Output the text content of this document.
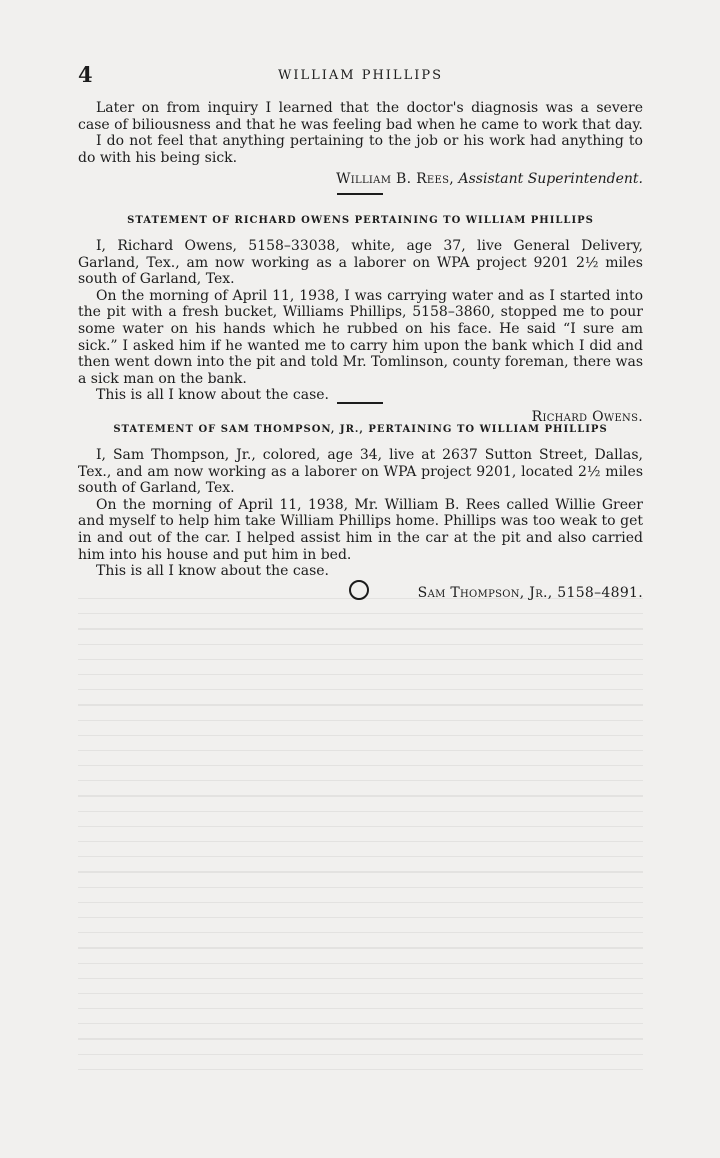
4	WILLIAM PHILLIPS

Later on from inquiry I learned that the doctor's diagnosis was a severe case of biliousness and that he was feeling bad when he came to work that day.

I do not feel that anything pertaining to the job or his work had anything to do with his being sick.

William B. Rees, Assistant Superintendent.
STATEMENT OF RICHARD OWENS PERTAINING TO WILLIAM PHILLIPS

I, Richard Owens, 5158–33038, white, age 37, live General Delivery, Garland, Tex., am now working as a laborer on WPA project 9201 2½ miles south of Garland, Tex.

On the morning of April 11, 1938, I was carrying water and as I started into the pit with a fresh bucket, Williams Phillips, 5158–3860, stopped me to pour some water on his hands which he rubbed on his face. He said “I sure am sick.” I asked him if he wanted me to carry him upon the bank which I did and then went down into the pit and told Mr. Tomlinson, county foreman, there was a sick man on the bank.

This is all I know about the case.

Richard Owens.
STATEMENT OF SAM THOMPSON, JR., PERTAINING TO WILLIAM PHILLIPS

I, Sam Thompson, Jr., colored, age 34, live at 2637 Sutton Street, Dallas, Tex., and am now working as a laborer on WPA project 9201, located 2½ miles south of Garland, Tex.

On the morning of April 11, 1938, Mr. William B. Rees called Willie Greer and myself to help him take William Phillips home. Phillips was too weak to get in and out of the car. I helped assist him in the car at the pit and also carried him into his house and put him in bed.

This is all I know about the case.

Sam Thompson, Jr., 5158–4891.
